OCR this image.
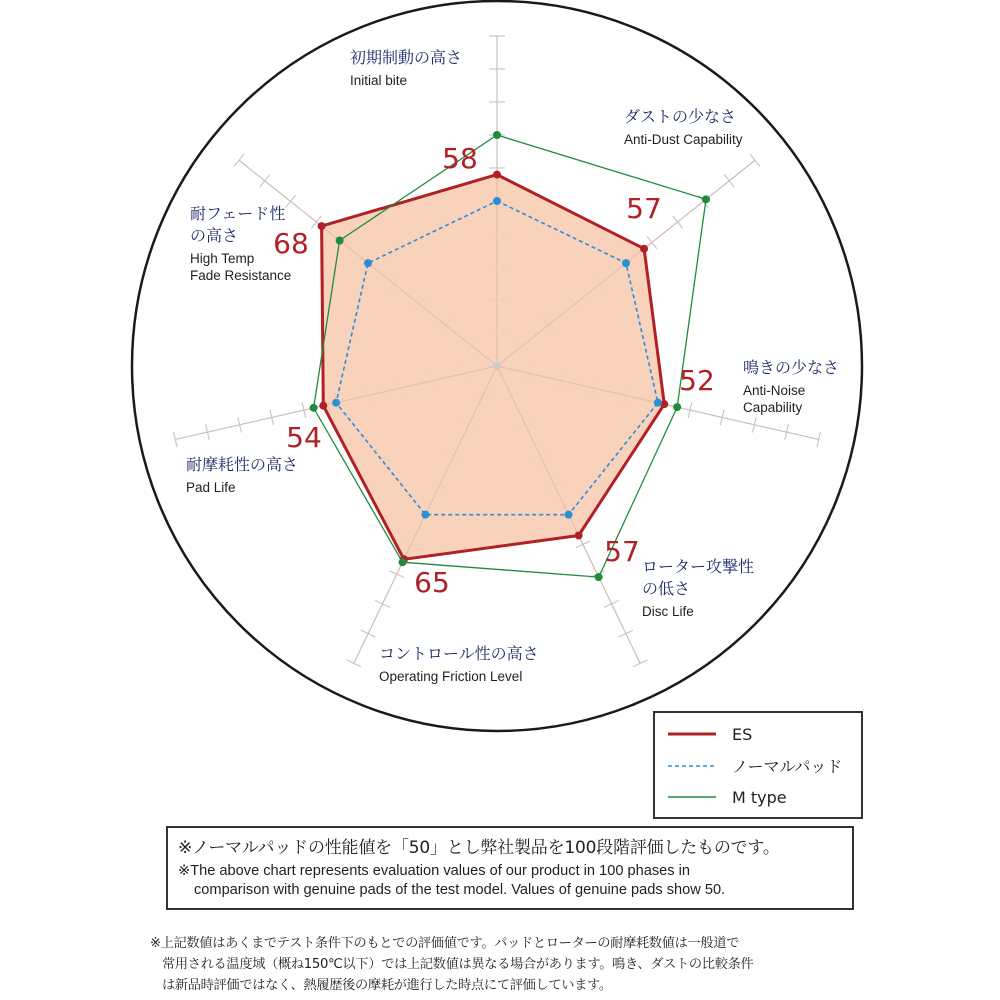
初期制動の高さ
Initial bite
ダストの少なさ
Anti-Dust Capability
鳴きの少なさ
Anti-Noise
Capability
ローター攻撃性
の低さ
Disc Life
コントロール性の高さ
Operating Friction Level
耐摩耗性の高さ
Pad Life
耐フェード性
の高さ
High Temp
Fade Resistance
58
57
52
57
65
54
68
ES
ノーマルパッド
M type
※ノーマルパッドの性能値を「50」とし弊社製品を100段階評価したものです。
※The above chart represents evaluation values of our product in 100 phases in
comparison with genuine pads of the test model. Values of genuine pads show 50.
※上記数値はあくまでテスト条件下のもとでの評価値です。パッドとローターの耐摩耗数値は一般道で
常用される温度域（概ね150℃以下）では上記数値は異なる場合があります。鳴き、ダストの比較条件
は新品時評価ではなく、熱履歴後の摩耗が進行した時点にて評価しています。
